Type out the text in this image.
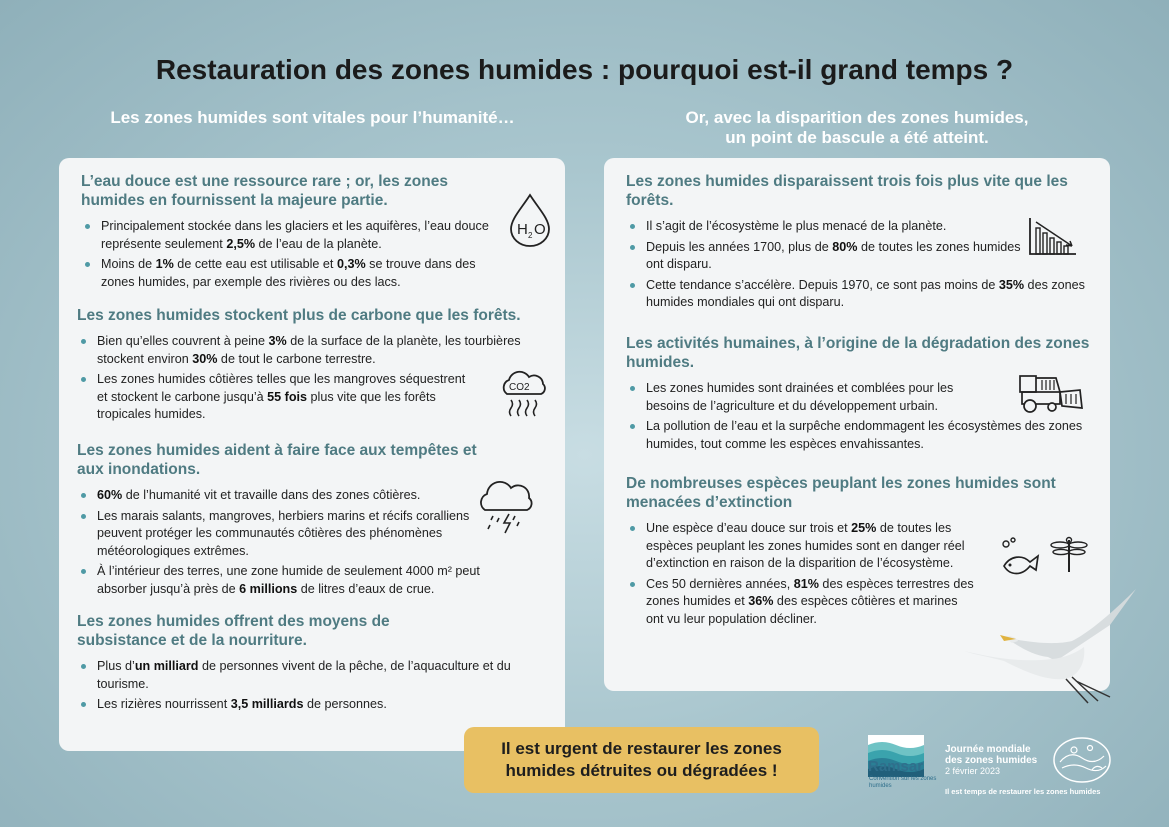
Restauration des zones humides : pourquoi est-il grand temps ?
Les zones humides sont vitales pour l’humanité…	Or, avec la disparition des zones humides,
un point de bascule a été atteint.
L’eau douce est une ressource rare ; or, les zones humides en fournissent la majeure partie.
Principalement stockée dans les glaciers et les aquifères, l’eau douce représente seulement 2,5% de l’eau de la planète.
Moins de 1% de cette eau est utilisable et 0,3% se trouve dans des zones humides, par exemple des rivières ou des lacs.
H 2 O
Les zones humides stockent plus de carbone que les forêts.
Bien qu’elles couvrent à peine 3% de la surface de la planète, les tourbières stockent environ 30% de tout le carbone terrestre.
Les zones humides côtières telles que les mangroves séquestrent et stockent le carbone jusqu’à 55 fois plus vite que les forêts tropicales humides.
CO2
Les zones humides aident à faire face aux tempêtes et aux inondations.
60% de l’humanité vit et travaille dans des zones côtières.
Les marais salants, mangroves, herbiers marins et récifs coralliens peuvent protéger les communautés côtières des phénomènes météorologiques extrêmes.
À l’intérieur des terres, une zone humide de seulement 4000 m² peut absorber jusqu’à près de 6 millions de litres d’eaux de crue.
Les zones humides offrent des moyens de subsistance et de la nourriture.
Plus d’un milliard de personnes vivent de la pêche, de l’aquaculture et du tourisme.
Les rizières nourrissent 3,5 milliards de personnes.
Les zones humides disparaissent trois fois plus vite que les forêts.
Il s’agit de l’écosystème le plus menacé de la planète.
Depuis les années 1700, plus de 80% de toutes les zones humides ont disparu.
Cette tendance s’accélère. Depuis 1970, ce sont pas moins de 35% des zones humides mondiales qui ont disparu.
Les activités humaines, à l’origine de la dégradation des zones humides.
Les zones humides sont drainées et comblées pour les besoins de l’agriculture et du développement urbain.
La pollution de l’eau et la surpêche endommagent les écosystèmes des zones humides, tout comme les espèces envahissantes.
De nombreuses espèces peuplant les zones humides sont menacées d’extinction
Une espèce d’eau douce sur trois et 25% de toutes les espèces peuplant les zones humides sont en danger réel d’extinction en raison de la disparition de l’écosystème.
Ces 50 dernières années, 81% des espèces terrestres des zones humides et 36% des espèces côtières et marines ont vu leur population décliner.
Il est urgent de restaurer les zones
humides détruites ou dégradées !	Ramsar
Convention sur les zones humides
Journée mondiale
des zones humides
2 février 2023
Il est temps de restaurer les zones humides
